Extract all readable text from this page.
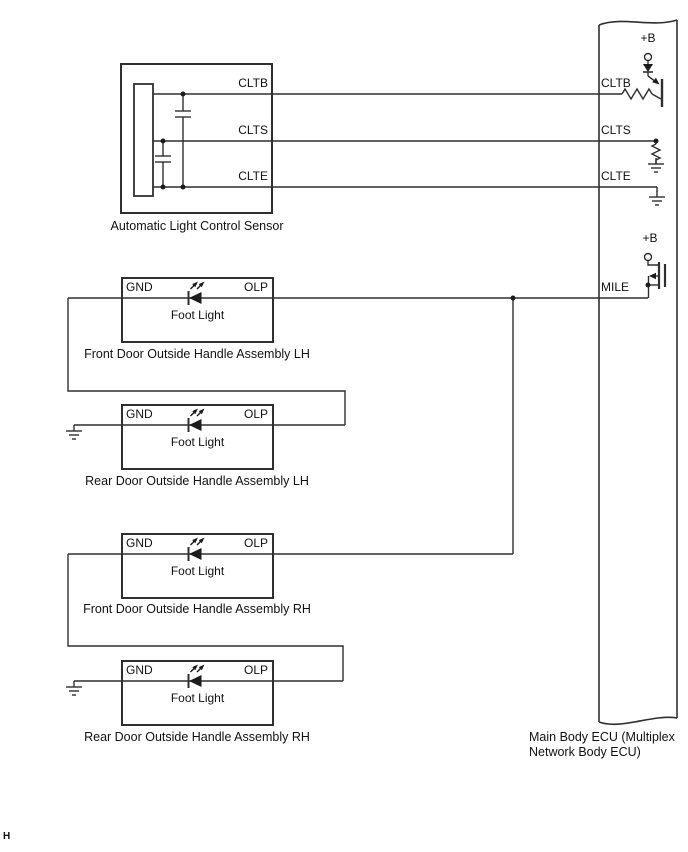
CLTB
CLTS
CLTE
Automatic Light Control Sensor
CLTB
CLTS
CLTE
MILE
+B
+B
Main Body ECU (Multiplex
Network Body ECU)
GND	OLP
Foot Light
Front Door Outside Handle Assembly LH
GND	OLP
Foot Light
Rear Door Outside Handle Assembly LH
GND	OLP
Foot Light
Front Door Outside Handle Assembly RH
GND	OLP
Foot Light
Rear Door Outside Handle Assembly RH
H
